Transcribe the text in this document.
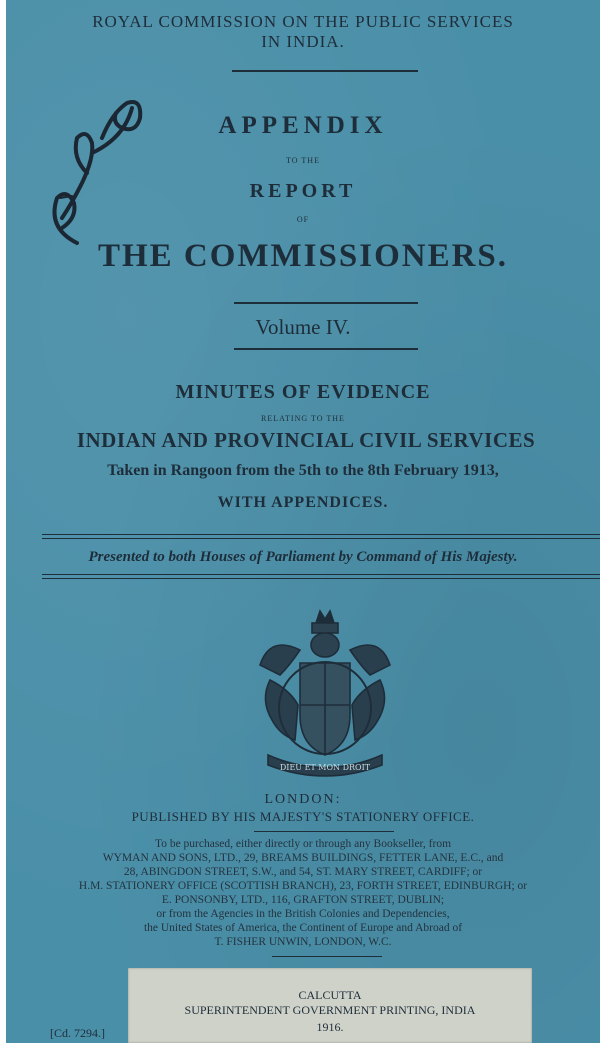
ROYAL COMMISSION ON THE PUBLIC SERVICES
IN INDIA.
APPENDIX
TO THE
REPORT
OF
THE COMMISSIONERS.
Volume IV.
MINUTES OF EVIDENCE
RELATING TO THE
INDIAN AND PROVINCIAL CIVIL SERVICES
Taken in Rangoon from the 5th to the 8th February 1913,
WITH APPENDICES.
Presented to both Houses of Parliament by Command of His Majesty.
DIEU ET MON DROIT
LONDON:
PUBLISHED BY HIS MAJESTY'S STATIONERY OFFICE.
To be purchased, either directly or through any Bookseller, from
WYMAN AND SONS, LTD., 29, BREAMS BUILDINGS, FETTER LANE, E.C., and
28, ABINGDON STREET, S.W., and 54, ST. MARY STREET, CARDIFF; or
H.M. STATIONERY OFFICE (SCOTTISH BRANCH), 23, FORTH STREET, EDINBURGH; or
E. PONSONBY, LTD., 116, GRAFTON STREET, DUBLIN;
or from the Agencies in the British Colonies and Dependencies,
the United States of America, the Continent of Europe and Abroad of
T. FISHER UNWIN, LONDON, W.C.
CALCUTTA
SUPERINTENDENT GOVERNMENT PRINTING, INDIA
1916.
[Cd. 7294.]
966
